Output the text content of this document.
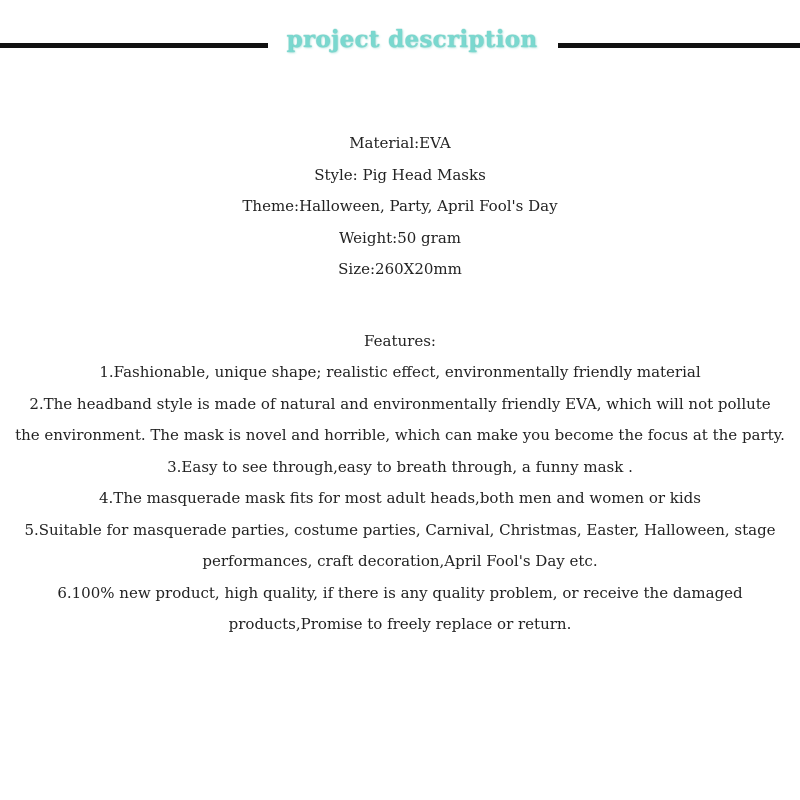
project description
Material:EVA
Style: Pig Head Masks
Theme:Halloween, Party, April Fool's Day
Weight:50 gram
Size:260X20mm
Features:
1.Fashionable, unique shape; realistic effect, environmentally friendly material
2.The headband style is made of natural and environmentally friendly EVA, which will not pollute the environment. The mask is novel and horrible, which can make you become the focus at the party.
3.Easy to see through,easy to breath through, a funny mask .
4.The masquerade mask fits for most adult heads,both men and women or kids
5.Suitable for masquerade parties, costume parties, Carnival, Christmas, Easter, Halloween, stage performances, craft decoration,April Fool's Day etc.
6.100% new product, high quality, if there is any quality problem, or receive the damaged products,Promise to freely replace or return.
